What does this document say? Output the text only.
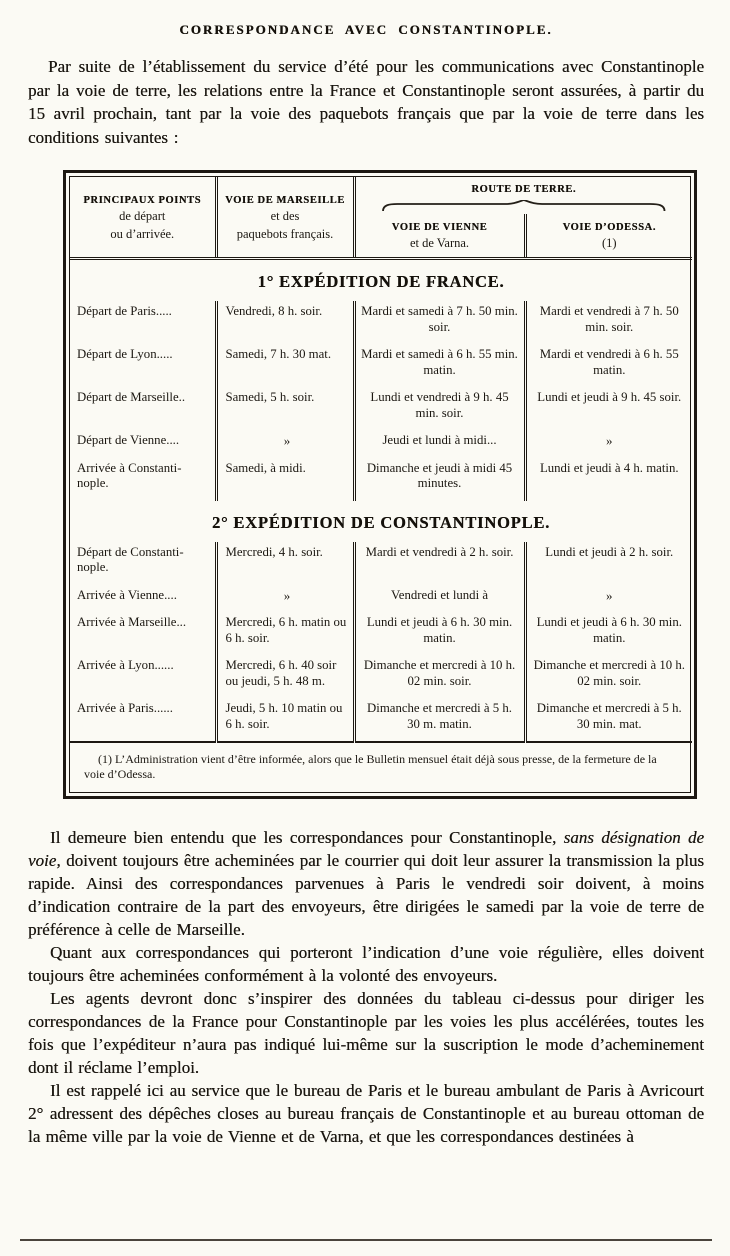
CORRESPONDANCE AVEC CONSTANTINOPLE.

Par suite de l’établissement du service d’été pour les communications avec Constantinople par la voie de terre, les relations entre la France et Constantinople seront assurées, à partir du 15 avril prochain, tant par la voie des paquebots français que par la voie de terre dans les conditions suivantes :

PRINCIPAUX POINTS
de départ
ou d’arrivée.

VOIE DE MARSEILLE
et des
paquebots français.

ROUTE DE TERRE.

VOIE DE VIENNE
et de Varna.

VOIE D’ODESSA.
(1)

1° EXPÉDITION DE FRANCE.			
Départ de Paris.....	Vendredi, 8 h. soir.	Mardi et samedi à 7 h. 50 min. soir.	Mardi et vendredi à 7 h. 50 min. soir.
Départ de Lyon.....	Samedi, 7 h. 30 mat.	Mardi et samedi à 6 h. 55 min. matin.	Mardi et vendredi à 6 h. 55 matin.
Départ de Marseille..	Samedi, 5 h. soir.	Lundi et vendredi à 9 h. 45 min. soir.	Lundi et jeudi à 9 h. 45 soir.
Départ de Vienne....	»	Jeudi et lundi à midi...	»
Arrivée à Constanti-
nople.	Samedi, à midi.	Dimanche et jeudi à midi 45 minutes.	Lundi et jeudi à 4 h. matin.
2° EXPÉDITION DE CONSTANTINOPLE.			
Départ de Constanti-
nople.	Mercredi, 4 h. soir.	Mardi et vendredi à 2 h. soir.	Lundi et jeudi à 2 h. soir.
Arrivée à Vienne....	»	Vendredi et lundi à	»
Arrivée à Marseille...	Mercredi, 6 h. matin ou 6 h. soir.	Lundi et jeudi à 6 h. 30 min. matin.	Lundi et jeudi à 6 h. 30 min. matin.
Arrivée à Lyon......	Mercredi, 6 h. 40 soir ou jeudi, 5 h. 48 m.	Dimanche et mercredi à 10 h. 02 min. soir.	Dimanche et mercredi à 10 h. 02 min. soir.
Arrivée à Paris......	Jeudi, 5 h. 10 matin ou 6 h. soir.	Dimanche et mercredi à 5 h. 30 m. matin.	Dimanche et mercredi à 5 h. 30 min. mat.
(1) L’Administration vient d’être informée, alors que le Bulletin mensuel était déjà sous presse, de la fermeture de la voie d’Odessa.			

Il demeure bien entendu que les correspondances pour Constantinople, sans désignation de voie, doivent toujours être acheminées par le courrier qui doit leur assurer la transmission la plus rapide. Ainsi des correspondances parvenues à Paris le vendredi soir doivent, à moins d’indication contraire de la part des envoyeurs, être dirigées le samedi par la voie de terre de préférence à celle de Marseille.

Quant aux correspondances qui porteront l’indication d’une voie régulière, elles doivent toujours être acheminées conformément à la volonté des envoyeurs.

Les agents devront donc s’inspirer des données du tableau ci-dessus pour diriger les correspondances de la France pour Constantinople par les voies les plus accélérées, toutes les fois que l’expéditeur n’aura pas indiqué lui-même sur la suscription le mode d’acheminement dont il réclame l’emploi.

Il est rappelé ici au service que le bureau de Paris et le bureau ambulant de Paris à Avricourt 2° adressent des dépêches closes au bureau français de Constantinople et au bureau ottoman de la même ville par la voie de Vienne et de Varna, et que les correspondances destinées à
